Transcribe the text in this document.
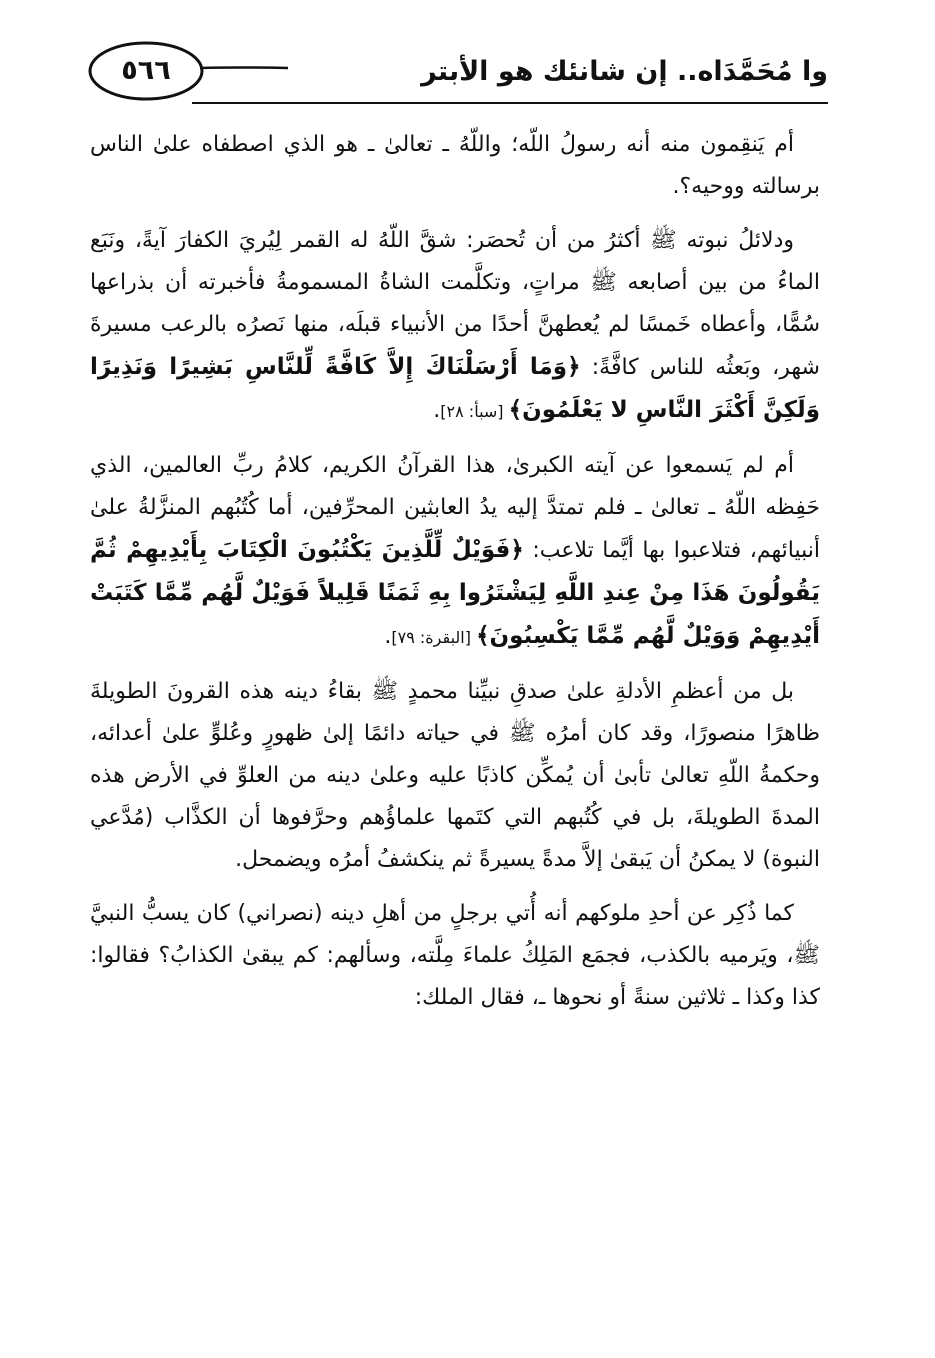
وا مُحَمَّدَاه.. إن شانئك هو الأبتر
٥٦٦

أم يَنقِمون منه أنه رسولُ اللّه؛ واللّهُ ـ تعالىٰ ـ هو الذي اصطفاه علىٰ الناس برسالته ووحيه؟.

ودلائلُ نبوته ﷺ أكثرُ من أن تُحصَر: شقَّ اللّهُ له القمر لِيُريَ الكفارَ آيةً، ونَبَع الماءُ من بين أصابعه ﷺ مراتٍ، وتكلَّمت الشاةُ المسمومةُ فأخبرته أن بذراعها سُمًّا، وأعطاه خَمسًا لم يُعطهنَّ أحدًا من الأنبياء قبلَه، منها نَصرُه بالرعب مسيرةَ شهر، وبَعثُه للناس كافَّةً: ﴿وَمَا أَرْسَلْنَاكَ إِلاَّ كَافَّةً لِّلنَّاسِ بَشِيرًا وَنَذِيرًا وَلَكِنَّ أَكْثَرَ النَّاسِ لا يَعْلَمُونَ﴾ [سبأ: ٢٨].

أم لم يَسمعوا عن آيته الكبرىٰ، هذا القرآنُ الكريم، كلامُ ربِّ العالمين، الذي حَفِظه اللّهُ ـ تعالىٰ ـ فلم تمتدَّ إليه يدُ العابثين المحرِّفين، أما كُتُبُهم المنزَّلةُ علىٰ أنبيائهم، فتلاعبوا بها أيَّما تلاعب: ﴿فَوَيْلٌ لِّلَّذِينَ يَكْتُبُونَ الْكِتَابَ بِأَيْدِيهِمْ ثُمَّ يَقُولُونَ هَذَا مِنْ عِندِ اللَّهِ لِيَشْتَرُوا بِهِ ثَمَنًا قَلِيلاً فَوَيْلٌ لَّهُم مِّمَّا كَتَبَتْ أَيْدِيهِمْ وَوَيْلٌ لَّهُم مِّمَّا يَكْسِبُونَ﴾ [البقرة: ٧٩].

بل من أعظمِ الأدلةِ علىٰ صدقِ نبيِّنا محمدٍ ﷺ بقاءُ دينه هذه القرونَ الطويلةَ ظاهرًا منصورًا، وقد كان أمرُه ﷺ في حياته دائمًا إلىٰ ظهورٍ وعُلوٍّ علىٰ أعدائه، وحكمةُ اللّهِ تعالىٰ تأبىٰ أن يُمكِّن كاذبًا عليه وعلىٰ دينه من العلوِّ في الأرض هذه المدةَ الطويلةَ، بل في كُتُبهم التي كتَمها علماؤُهم وحرَّفوها أن الكذَّاب (مُدَّعي النبوة) لا يمكنُ أن يَبقىٰ إلاَّ مدةً يسيرةً ثم ينكشفُ أمرُه ويضمحل.

كما ذُكِر عن أحدِ ملوكهم أنه أُتي برجلٍ من أهلِ دينه (نصراني) كان يسبُّ النبيَّ ﷺ، ويَرميه بالكذب، فجمَع المَلِكُ علماءَ مِلَّته، وسألهم: كم يبقىٰ الكذابُ؟ فقالوا: كذا وكذا ـ ثلاثين سنةً أو نحوها ـ، فقال الملك:
